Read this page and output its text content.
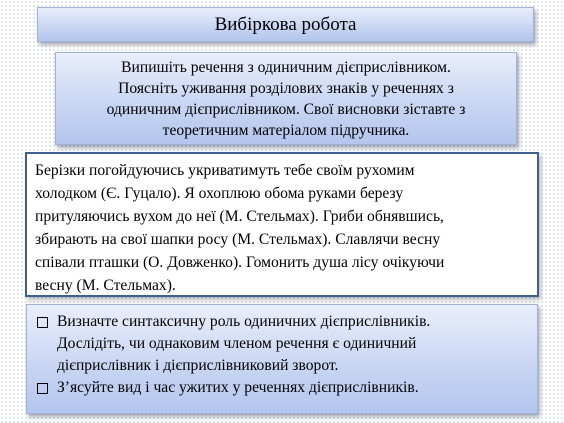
Вибіркова робота
Випишіть речення з одиничним дієприслівником.
Поясніть уживання розділових знаків у реченнях з
одиничним дієприслівником. Свої висновки зіставте з
теоретичним матеріалом підручника.
Берізки погойдуючись укриватимуть тебе своїм рухомим
холодком (Є. Гуцало). Я охоплюю обома руками березу
притуляючись вухом до неї (М. Стельмах). Гриби обнявшись,
збирають на свої шапки росу (М. Стельмах). Славлячи весну
співали пташки (О. Довженко). Гомонить душа лісу очікуючи
весну (М. Стельмах).
Визначте синтаксичну роль одиничних дієприслівників.
Дослідіть, чи однаковим членом речення є одиничний
дієприслівник і дієприслівниковий зворот.
З’ясуйте вид і час ужитих у реченнях дієприслівників.
